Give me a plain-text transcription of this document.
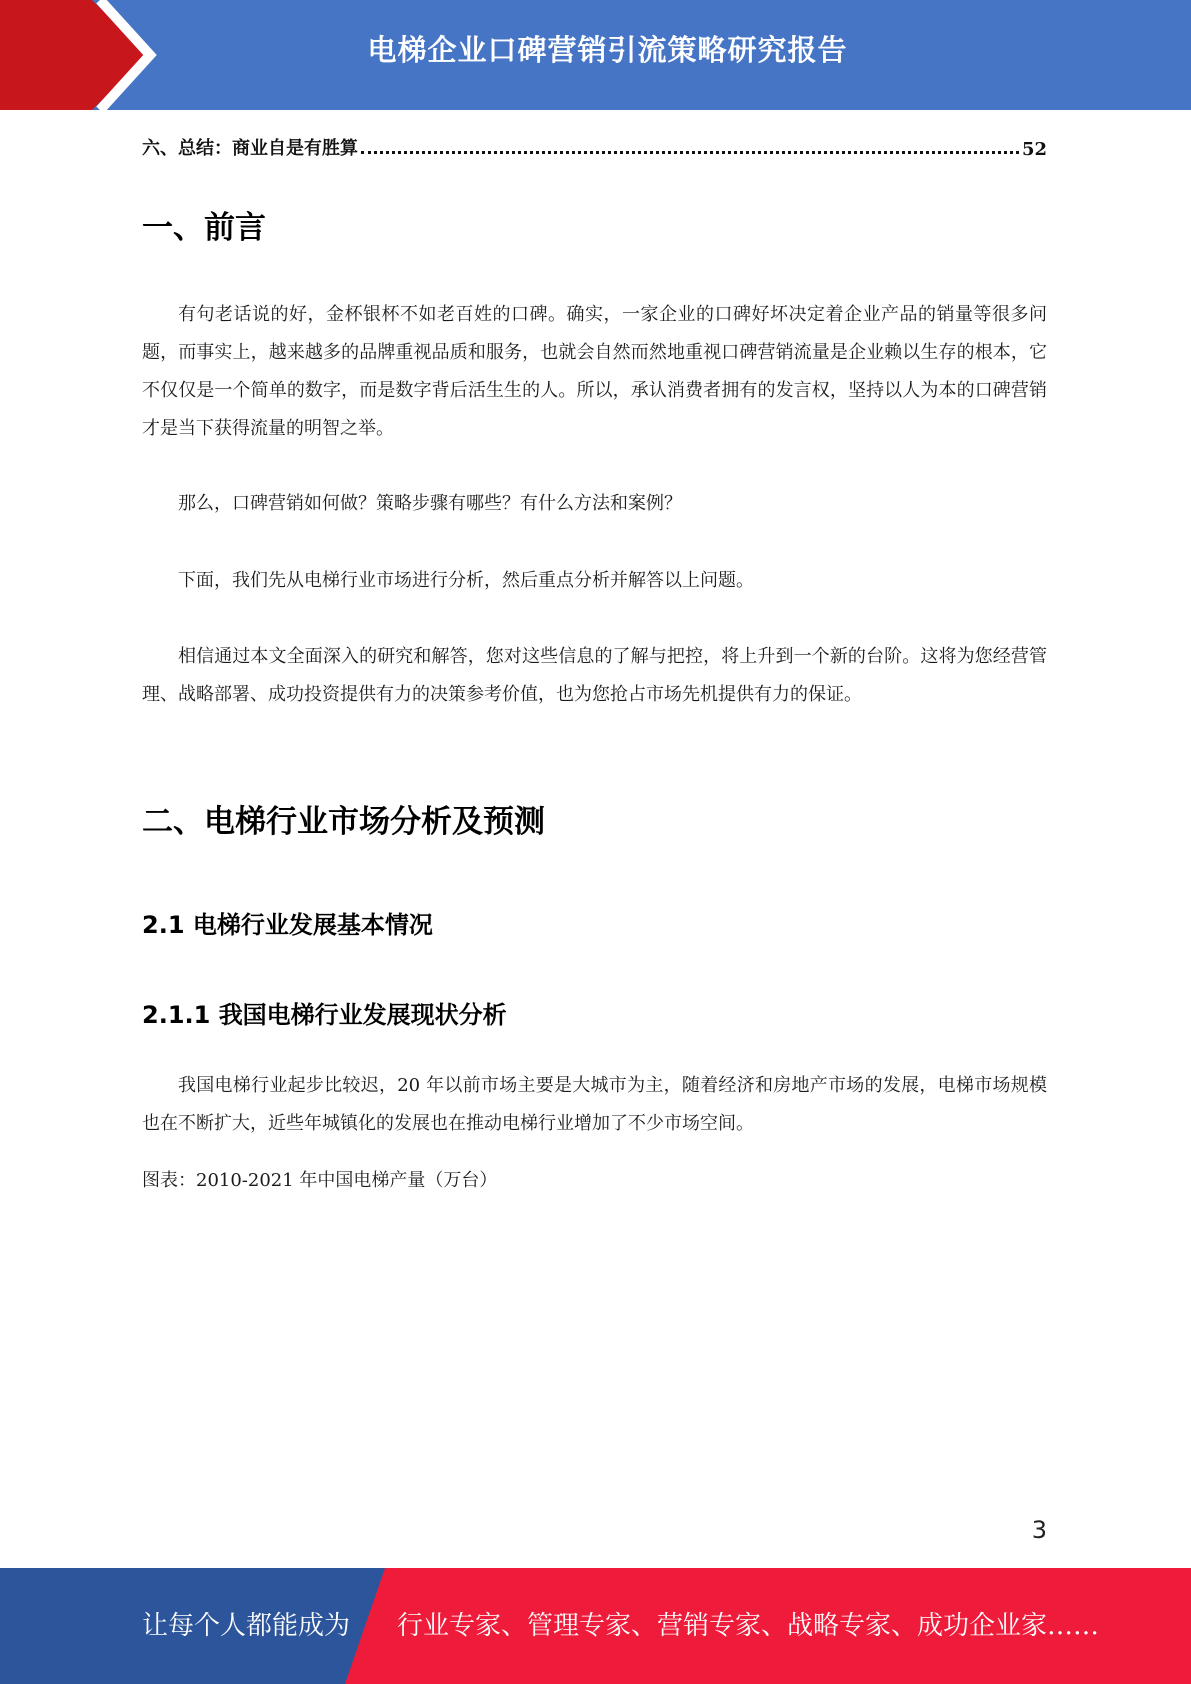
电梯企业口碑营销引流策略研究报告
六、总结：商业自是有胜算	52
一、前言

有句老话说的好，金杯银杯不如老百姓的口碑。确实，一家企业的口碑好坏决定着企业产品的销量等很多问题，而事实上，越来越多的品牌重视品质和服务，也就会自然而然地重视口碑营销流量是企业赖以生存的根本，它不仅仅是一个简单的数字，而是数字背后活生生的人。所以，承认消费者拥有的发言权，坚持以人为本的口碑营销才是当下获得流量的明智之举。

那么，口碑营销如何做？策略步骤有哪些？有什么方法和案例？

下面，我们先从电梯行业市场进行分析，然后重点分析并解答以上问题。

相信通过本文全面深入的研究和解答，您对这些信息的了解与把控，将上升到一个新的台阶。这将为您经营管理、战略部署、成功投资提供有力的决策参考价值，也为您抢占市场先机提供有力的保证。

二、电梯行业市场分析及预测
2.1 电梯行业发展基本情况
2.1.1 我国电梯行业发展现状分析

我国电梯行业起步比较迟，20 年以前市场主要是大城市为主，随着经济和房地产市场的发展，电梯市场规模也在不断扩大，近些年城镇化的发展也在推动电梯行业增加了不少市场空间。

图表：2010-2021 年中国电梯产量（万台）

3
让每个人都能成为 行业专家、管理专家、营销专家、战略专家、成功企业家……
